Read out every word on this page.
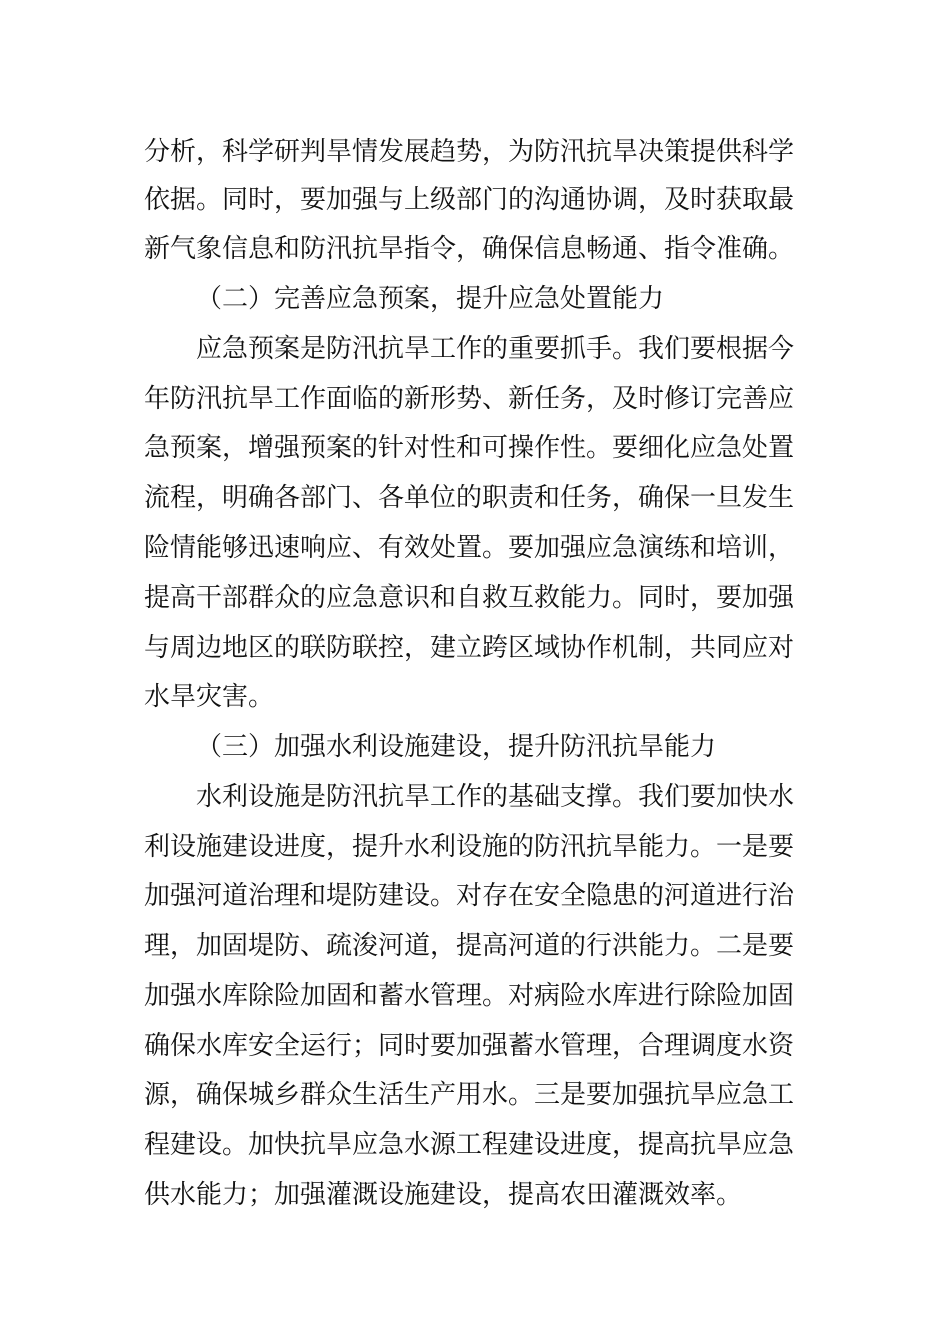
分析，科学研判旱情发展趋势，为防汛抗旱决策提供科学
依据。同时，要加强与上级部门的沟通协调，及时获取最
新气象信息和防汛抗旱指令，确保信息畅通、指令准确。
（二）完善应急预案，提升应急处置能力
应急预案是防汛抗旱工作的重要抓手。我们要根据今
年防汛抗旱工作面临的新形势、新任务，及时修订完善应
急预案，增强预案的针对性和可操作性。要细化应急处置
流程，明确各部门、各单位的职责和任务，确保一旦发生
险情能够迅速响应、有效处置。要加强应急演练和培训，
提高干部群众的应急意识和自救互救能力。同时，要加强
与周边地区的联防联控，建立跨区域协作机制，共同应对
水旱灾害。
（三）加强水利设施建设，提升防汛抗旱能力
水利设施是防汛抗旱工作的基础支撑。我们要加快水
利设施建设进度，提升水利设施的防汛抗旱能力。一是要
加强河道治理和堤防建设。对存在安全隐患的河道进行治
理，加固堤防、疏浚河道，提高河道的行洪能力。二是要
加强水库除险加固和蓄水管理。对病险水库进行除险加固
确保水库安全运行；同时要加强蓄水管理，合理调度水资
源，确保城乡群众生活生产用水。三是要加强抗旱应急工
程建设。加快抗旱应急水源工程建设进度，提高抗旱应急
供水能力；加强灌溉设施建设，提高农田灌溉效率。
